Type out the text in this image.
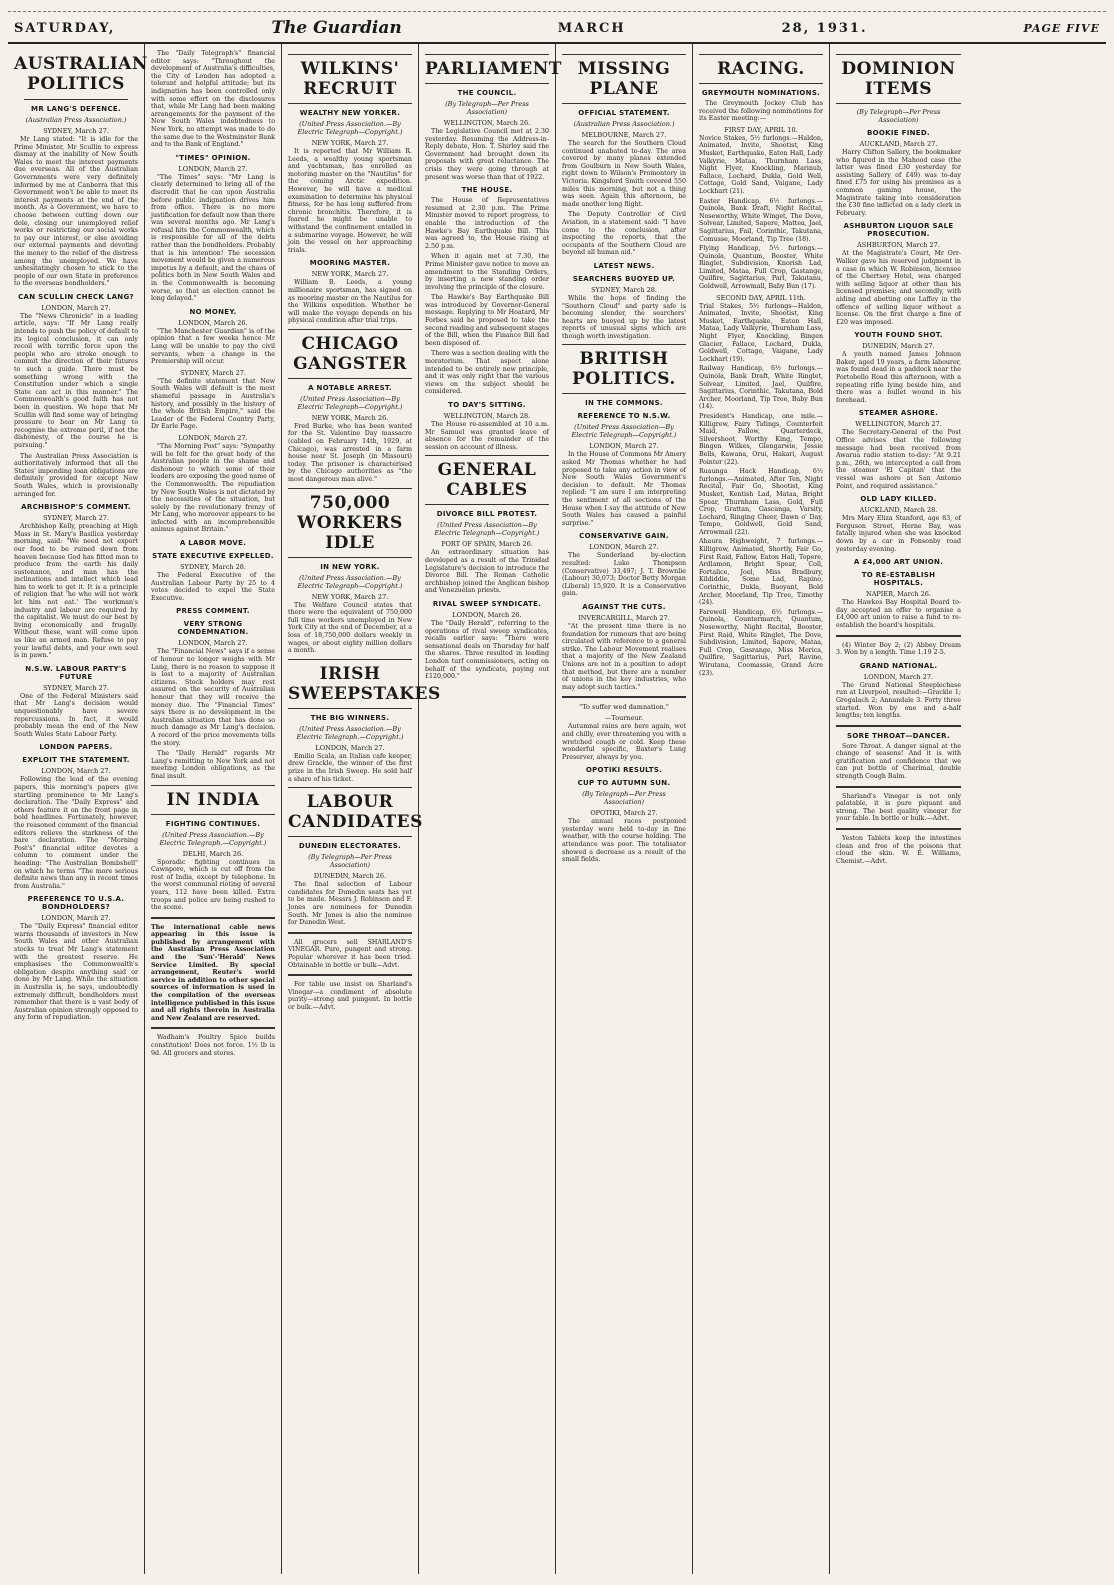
SATURDAY,	The Guardian	MARCH	28, 1931.	PAGE FIVE
AUSTRALIAN POLITICS
MR LANG'S DEFENCE.
(Australian Press Association.)
SYDNEY, March 27.

Mr Lang stated: "It is idle for the Prime Minister, Mr Scullin to express dismay at the inability of New South Wales to meet the interest payments due overseas. All of the Australian Governments were very definitely informed by me at Canberra that this Government won't be able to meet its interest payments at the end of the month. As a Government, we have to choose between cutting down our dole, closing our unemployed relief works or restricting our social works to pay our interest, or else avoiding our external payments and devoting the money to the relief of the distress among the unemployed. We have unhesitatingly chosen to stick to the people of our own State in preference to the overseas bondholders."

CAN SCULLIN CHECK LANG?
LONDON, March 27.

The "News Chronicle" in a leading article, says: "If Mr Lang really intends to push the policy of default to its logical conclusion, it can only recoil with terrific force upon the people who are stroke enough to commit the direction of their futures to such a guide. There must be something wrong with the Constitution under which a single State can act in this manner." The Commonwealth's good faith has not been in question. We hope that Mr Scullin will find some way of bringing pressure to bear on Mr Lang to recognise the extreme peril, if not the dishonesty, of the course he is pursuing."

The Australian Press Association is authoritatively informed that all the States' impending loan obligations are definitely provided for except New South Wales, which is provisionally arranged for.

ARCHBISHOP'S COMMENT.
SYDNEY, March 27.

Archbishop Kelly, preaching at High Mass in St. Mary's Basilica yesterday morning, said: "We need not export our food to be ruined down from heaven because God has fitted man to produce from the earth his daily sustenance, and man has the inclinations and intellect which lead him to work to get it. It is a principle of religion that 'he who will not work let him not eat.' The workman's industry and labour are required by the capitalist. We must do our best by living economically and frugally. Without these, want will come upon us like an armed man. Refuse to pay your lawful debts, and your own soul is in pawn."

N.S.W. LABOUR PARTY'S FUTURE
SYDNEY, March 27.

One of the Federal Ministers said that Mr Lang's decision would unquestionably have severe repercussions. In fact, it would probably mean the end of the New South Wales State Labour Party.

LONDON PAPERS.
EXPLOIT THE STATEMENT.
LONDON, March 27.

Following the lead of the evening papers, this morning's papers give startling prominence to Mr Lang's declaration. The "Daily Express" and others feature it on the front page in bold headlines. Fortunately, however, the reasoned comment of the financial editors relieve the starkness of the bare declaration. The "Morning Post's" financial editor devotes a column to comment under the heading: "The Australian Bombshell" on which he terms "The more serious definite news than any in recent times from Australia."

PREFERENCE TO U.S.A. BONDHOLDERS?
LONDON, March 27.

The "Daily Express" financial editor warns thousands of investors in New South Wales and other Australian stocks to treat Mr Lang's statement with the greatest reserve. He emphasises the Commonwealth's obligation despite anything said or done by Mr Lang. While the situation in Australia is, he says, undoubtedly extremely difficult, bondholders must remember that there is a vast body of Australian opinion strongly opposed to any form of repudiation.

The "Daily Telegraph's" financial editor says: "Throughout the development of Australia's difficulties, the City of London has adopted a tolerant and helpful attitude; but its indignation has been controlled only with some effort on the disclosures that, while Mr Lang had been making arrangements for the payment of the New South Wales indebtedness to New York, no attempt was made to do the same due to the Westminster Bank and to the Bank of England."

"TIMES" OPINION.
LONDON, March 27.

"The Times" says: "Mr Lang is clearly determined to bring all of the discredit that he can upon Australia before public indignation drives him from office. There is no more justification for default now than there was several months ago. Mr Lang's refusal hits the Commonwealth, which is responsible for all of the debts rather than the bondholders. Probably that is his intention! The secession movement would be given a numerous impetus by a default, and the chaos of politics both in New South Wales and in the Commonwealth is becoming worse, so that an election cannot be long delayed."

NO MONEY.
LONDON, March 26.

"The Manchester Guardian" is of the opinion that a few weeks hence Mr Lang will be unable to pay the civil servants, when a change in the Premiership will occur.

SYDNEY, March 27.

"The definite statement that New South Wales will default is the most shameful passage in Australia's history, and possibly in the history of the whole British Empire," said the Leader of the Federal Country Party, Dr Earle Page.

LONDON, March 27.

"The Morning Post" says: "Sympathy will be felt for the great body of the Australian people in the shame and dishonour to which some of their leaders are exposing the good name of the Commonwealth. The repudiation by New South Wales is not dictated by the necessities of the situation, but solely by the revolutionary frenzy of Mr Lang, who moreover appears to be infected with an incomprehensible animus against Britain."

A LABOR MOVE.
STATE EXECUTIVE EXPELLED.
SYDNEY, March 28.

The Federal Executive of the Australian Labour Party by 25 to 4 votes decided to expel the State Executive.

PRESS COMMENT.
VERY STRONG CONDEMNATION.
LONDON, March 27.

The "Financial News" says if a sense of honour no longer weighs with Mr Lang, there is no reason to suppose it is lost to a majority of Australian citizens. Stock holders may rest assured on the security of Australian honour that they will receive the money due. The "Financial Times" says there is no development in the Australian situation that has done so much damage as Mr Lang's decision. A record of the price movements tells the story.

The "Daily Herald" regards Mr Lang's remitting to New York and not meeting London obligations, as the final insult.

IN INDIA
FIGHTING CONTINUES.
(United Press Association.—By Electric Telegraph.—Copyright.)
DELHI, March 26.

Sporadic fighting continues in Cawnpore, which is cut off from the rest of India, except by telephone. In the worst communal rioting of several years, 112 have been killed. Extra troops and police are being rushed to the scene.

The international cable news appearing in this issue is published by arrangement with the Australian Press Association and the 'Sun'-'Herald' News Service Limited. By special arrangement, Reuter's world service in addition to other special sources of information is used in the compilation of the overseas intelligence published in this issue and all rights therein in Australia and New Zealand are reserved.

Wadham's Poultry Spice builds constitution! Does not force. 1½ lb is 9d. All grocers and stores.

WILKINS' RECRUIT
WEALTHY NEW YORKER.
(United Press Association.—By Electric Telegraph—Copyright.)
NEW YORK, March 27.

It is reported that Mr William R. Leeds, a wealthy young sportsman and yachtsman, has enrolled as motoring master on the "Nautilus" for the coming Arctic expedition. However, he will have a medical examination to determine his physical fitness, for he has long suffered from chronic bronchitis. Therefore, it is feared he might be unable to withstand the confinement entailed in a submarine voyage. However, he will join the vessel on her approaching trials.

MOORING MASTER.
NEW YORK, March 27.

William B. Leeds, a young millionaire sportsman, has signed on as mooring master on the Nautilus for the Wilkins expedition. Whether he will make the voyage depends on his physical condition after trial trips.

CHICAGO GANGSTER
A NOTABLE ARREST.
(United Press Association—By Electric Telegraph—Copyright.)
NEW YORK, March 26.

Fred Burke, who has been wanted for the St. Valentine Day massacre (cabled on February 14th, 1929, at Chicago), was arrested in a farm house near St. Joseph (in Missouri) today. The prisoner is characterised by the Chicago authorities as "the most dangerous man alive."

750,000 WORKERS IDLE
IN NEW YORK.
(United Press Association.—By Electric Telegraph—Copyright.)
NEW YORK, March 27.

The Welfare Council states that there were the equivalent of 750,000 full time workers unemployed in New York City at the end of December, at a loss of 18,750,000 dollars weekly in wages, or about eighty million dollars a month.

IRISH SWEEPSTAKES
THE BIG WINNERS.
(United Press Association.—By Electric Telegraph.—Copyright.)
LONDON, March 27.

Emilio Scala, an Italian cafe keeper, drew Grackle, the winner of the first prize in the Irish Sweep. He sold half a share of his ticket.

LABOUR CANDIDATES
DUNEDIN ELECTORATES.
(By Telegraph—Per Press Association)
DUNEDIN, March 26.

The final selection of Labour candidates for Dunedin seats has yet to be made. Messrs J. Robinson and F. Jones are nominees for Dunedin South. Mr Jones is also the nominee for Dunedin West.

All grocers sell SHARLAND'S VINEGAR. Pure, pungent and strong. Popular wherever it has been tried. Obtainable in bottle or bulk—Advt.

For table use insist on Sharland's Vinegar—a condiment of absolute purity—strong and pungent. In bottle or bulk.—Advt.

PARLIAMENT
THE COUNCIL.
(By Telegraph—Per Press Association)
WELLINGTON, March 26.

The Legislative Council met at 2.30 yesterday. Resuming the Address-in-Reply debate, Hon. T. Shirley said the Government had brought down its proposals with great reluctance. The crisis they were going through at present was worse than that of 1922.

THE HOUSE.

The House of Representatives resumed at 2.30 p.m. The Prime Minister moved to report progress, to enable the introduction of the Hawke's Bay Earthquake Bill. This was agreed to, the House rising at 2.50 p.m.

When it again met at 7.30, the Prime Minister gave notice to move an amendment to the Standing Orders, by inserting a new standing order involving the principle of the closure.

The Hawke's Bay Earthquake Bill was introduced by Governor-General message. Replying to Mr Hoatard, Mr Forbes said he proposed to take the second reading and subsequent stages of the Bill, when the Finance Bill had been disposed of.

There was a section dealing with the moratorium. That aspect alone intended to be entirely new principle, and it was only right that the various views on the subject should be considered.

TO DAY'S SITTING.
WELLINGTON, March 28.

The House re-assembled at 10 a.m. Mr Samuel was granted leave of absence for the remainder of the session on account of illness.

GENERAL CABLES
DIVORCE BILL PROTEST.
(United Press Association—By Electric Telegraph—Copyright.)
PORT OF SPAIN, March 26.

An extraordinary situation has developed as a result of the Trinidad Legislature's decision to introduce the Divorce Bill. The Roman Catholic archbishop joined the Anglican bishop and Venezuelan priests.

RIVAL SWEEP SYNDICATE.
LONDON, March 26.

The "Daily Herald", referring to the operations of rival sweep syndicates, recalls earlier says: "There were sensational deals on Thursday for half the shares. Three resulted in leading London turf commissioners, acting on behalf of the syndicate, paying out £120,000."

MISSING PLANE
OFFICIAL STATEMENT.
(Australian Press Association.)
MELBOURNE, March 27.

The search for the Southern Cloud continued unabated to-day. The area covered by many planes extended from Goulburn in New South Wales, right down to Wilson's Promontory in Victoria. Kingsford Smith covered 550 miles this morning, but not a thing was seen. Again this afternoon, he made another long flight.

The Deputy Controller of Civil Aviation, in a statement said: "I have come to the conclusion, after inspecting the reports, that the occupants of the Southern Cloud are beyond all human aid."

LATEST NEWS.
SEARCHERS BUOYED UP.
SYDNEY, March 28.

While the hope of finding the "Southern Cloud" and party safe is becoming slender, the searchers' hearts are buoyed up by the latest reports of unusual signs which are though worth investigation.

BRITISH POLITICS.
IN THE COMMONS.
REFERENCE TO N.S.W.
(United Press Association—By Electric Telegraph—Copyright.)
LONDON, March 27.

In the House of Commons Mr Amery asked Mr Thomas whether he had proposed to take any action in view of New South Wales Government's decision to default. Mr Thomas replied: "I am sure I am interpreting the sentiment of all sections of the House when I say the attitude of New South Wales has caused a painful surprise."

CONSERVATIVE GAIN.
LONDON, March 27.

The Sunderland by-election resulted: Luke Thompson (Conservative) 33,497; J. T. Brownlie (Labour) 30,073; Doctor Betty Morgan (Liberal) 15,920. It is a Conservative gain.

AGAINST THE CUTS.
INVERCARGILL, March 27.

"At the present time there is no foundation for rumours that are being circulated with reference to a general strike. The Labour Movement realises that a majority of the New Zealand Unions are not in a position to adopt that method, but there are a number of unions in the key industries, who may adopt such tactics."

"To suffer wed damnation."
—Tourneur.

Autumnal rains are here again, wet and chilly, ever threatening you with a wretched cough or cold. Keep these wonderful specific, Baxter's Lung Preserver, always by you.

OPOTIKI RESULTS.
CUP TO AUTUMN SUN.
(By Telegraph—Per Press Association)
OPOTIKI, March 27.

The annual races postponed yesterday were held to-day in fine weather, with the course holding. The attendance was poor. The totalisator showed a decrease as a result of the small fields.

RACING.
GREYMOUTH NOMINATIONS.

The Greymouth Jockey Club has received the following nominations for its Easter meeting:—

FIRST DAY, APRIL 10.

Novice Stakes, 5½ furlongs.—Haldon, Animated, Invite, Shootist, King Musket, Earthquake, Eaton Hall, Lady Valkyrie, Mataa, Thurnham Lass, Night Flyer, Knockling, Marinub, Fallace, Lochard, Dukla, Gold Well, Cottage, Gold Sand, Vaigane, Lady Lockhart (21).

Easter Handicap, 6½ furlongs.—Quinola, Bank Draft, Night Recital, Noseworthy, White Winget, The Dove, Solvear, Limited, Sapere, Mattea, Jael, Sagittarius, Fail, Corinthic, Takutana, Comusse, Moorland, Tip Tree (18).

Flying Handicap, 5½ furlongs.—Quinola, Quantum, Booster, White Ringlet, Subdivision, Knorish Lad, Limited, Mataa, Full Crop, Gastange, Quilfire, Sagittarius, Parl, Takutanu, Goldwell, Arrowmall, Baby Bun (17).

SECOND DAY, APRIL 11th.

Trial Stakes, 5½ furlongs—Haldon, Animated, Invite, Shootist, King Musket, Earthquake, Eaton Hall, Mataa, Lady Valkyrie, Thurnham Lass, Night Flyer, Knockling, Bingen Glacier, Fallace, Lochard, Dukla, Goldwell, Cottage, Vaigane, Lady Lockhart (19).

Railway Handicap, 6½ furlongs.—Quinola, Bank Draft, White Ringlet, Solvear, Limited, Jael, Quilfire, Sagittarius, Corinthic, Takutana, Bold Archer, Moorland, Tip Tree, Baby Bun (14).

President's Handicap, one mile.—Killigrew, Fairy Tidings, Counterfeit Maid, Fallow, Quarterdeck, Silvershoot, Worthy King, Tempo, Bingen Wilkes, Glengarwie, Jessie Bells, Kawana, Orui, Hakari, August Pointer (22).

Ruaunga Hack Handicap, 6½ furlongs.—Animated, After Ten, Night Recital, Fair Go, Shootist, King Musket, Kentish Lad, Mataa, Bright Spear, Thurnham Lass, Gold, Full Crop, Grattan, Gascanga, Varsity, Lochard, Ringing Cheer, Dawn o' Day, Tempo, Goldwell, Gold Sand, Arrowmail (22).

Ahaura Highweight, 7 furlongs.—Killigrew, Animated, Shortly, Fair Go, First Raid, Fallow, Eaton Hall, Topere, Ardlamon, Bright Spear, Coll, Fortalice, Joel, Miss Bradbury, Kildiddie, Some Lad, Rapino, Corinthic, Dukla, Buoyant, Bold Archer, Moorland, Tip Tree, Timothy (24).

Farewell Handicap, 6½ furlongs.—Quinola, Countermarch, Quantum, Noseworthy, Night Recital, Booster, First Raid, White Ringlet, The Dove, Subdivision, Limited, Sapere, Mataa, Full Crop, Gasrange, Miss Merica, Quilfire, Sagittarius, Parl, Ravine, Wirutana, Coomassie, Grand Acre (23).

DOMINION ITEMS
(By Telegraph—Per Press Association)
BOOKIE FINED.
AUCKLAND, March 27.

Harry Clifton Sallery, the bookmaker who figured in the Mahood case (the latter was fined £30 yesterday for assisting Sallery of £49) was to-day fined £75 for using his premises as a common gaming house, the Magistrate taking into consideration the £30 fine inflicted on a lady clerk in February.

ASHBURTON LIQUOR SALE PROSECUTION.
ASHBURTON, March 27.

At the Magistrate's Court, Mr Orr-Walker gave his reserved judgment in a case in which W. Robinson, licensee of the Chertsey Hotel, was charged with selling liquor at other than his licensed premises; and secondly, with aiding and abetting one Laffey in the offence of selling liquor without a license. On the first charge a fine of £20 was imposed.

YOUTH FOUND SHOT.
DUNEDIN, March 27.

A youth named James Johnson Baker, aged 19 years, a farm labourer, was found dead in a paddock near the Portobello Road this afternoon, with a repeating rifle lying beside him, and there was a bullet wound in his forehead.

STEAMER ASHORE.
WELLINGTON, March 27.

The Secretary-General of the Post Office advises that the following message had been received from Awarua radio station to-day: "At 9.21 p.m., 26th, we intercepted a call from the steamer 'El Capitan' that the vessel was ashore at San Antonio Point, and required assistance."

OLD LADY KILLED.
AUCKLAND, March 28.

Mrs Mary Eliza Stanford, age 83, of Ferguson Street, Herne Bay, was fatally injured when she was knocked down by a car in Ponsonby road yesterday evening.

A £4,000 ART UNION.
TO RE-ESTABLISH HOSPITALS.
NAPIER, March 26.

The Hawkes Bay Hospital Board to-day accepted an offer to organise a £4,000 art union to raise a fund to re-establish the board's hospitals.

(4) Winter Boy 2; (2) Abbey Dream 3. Won by a length. Time 1.19 2-5.

GRAND NATIONAL.
LONDON, March 27.

The Grand National Steeplechase run at Liverpool, resulted:—Grackle 1; Gregalach 2; Annandale 3. Forty three started. Won by one and a-half lengths; ten lengths.

SORE THROAT—DANCER.

Sore Throat. A danger signal at the change of seasons! And it is with gratification and confidence that we can put bottle of Cherimal, double strength Cough Balm.

Sharland's Vinegar is not only palatable, it is pure piquant and strong. The best quality vinegar for your table. In bottle or bulk.—Advt.

Yeston Tablets keep the intestines clean and free of the poisons that cloud the skin. W. E. Williams, Chemist.—Advt.
